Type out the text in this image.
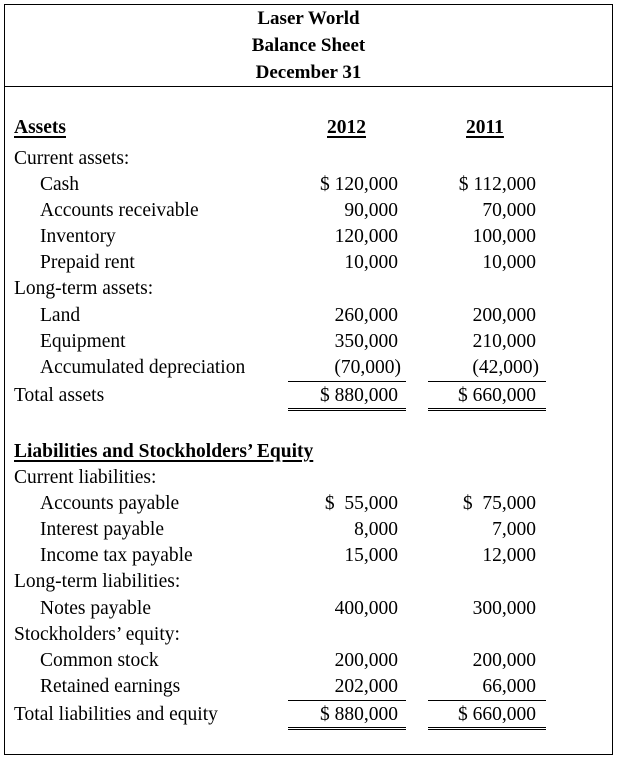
Laser World
Balance Sheet
December 31
Assets	2012	2011
Current assets:
Cash	$ 120,000	$ 112,000
Accounts receivable	90,000	70,000
Inventory	120,000	100,000
Prepaid rent	10,000	10,000
Long-term assets:
Land	260,000	200,000
Equipment	350,000	210,000
Accumulated depreciation	(70,000)	(42,000)
Total assets	$ 880,000	$ 660,000
Liabilities and Stockholders’ Equity
Current liabilities:
Accounts payable	$  55,000	$  75,000
Interest payable	8,000	7,000
Income tax payable	15,000	12,000
Long-term liabilities:
Notes payable	400,000	300,000
Stockholders’ equity:
Common stock	200,000	200,000
Retained earnings	202,000	66,000
Total liabilities and equity	$ 880,000	$ 660,000
